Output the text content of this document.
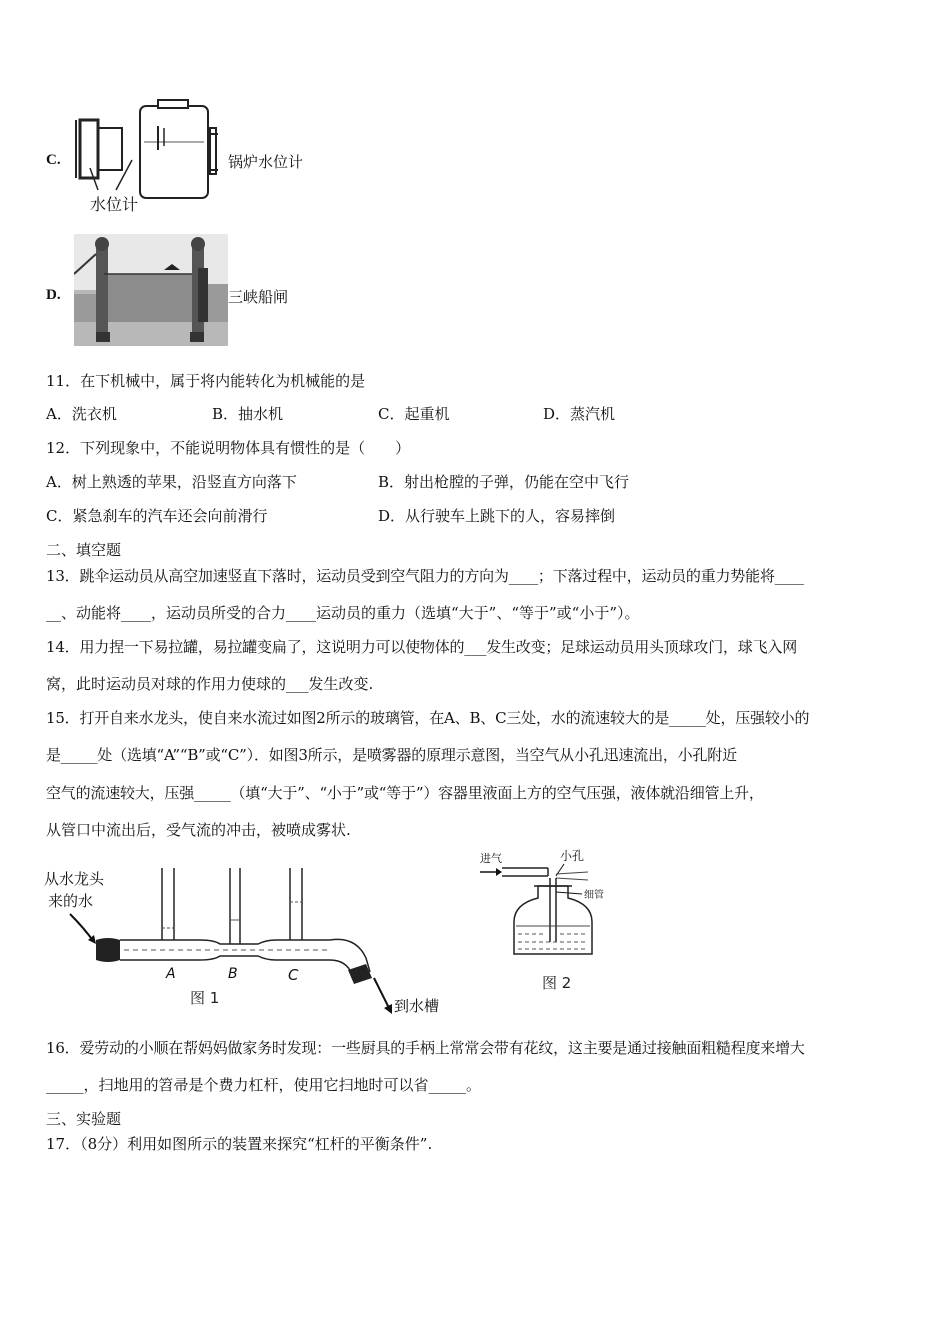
C.
水位计
锅炉水位计
D.	三峡船闸
11．在下机械中，属于将内能转化为机械能的是
A．洗衣机	B．抽水机	C．起重机	D．蒸汽机
12．下列现象中，不能说明物体具有惯性的是（　　）
A．树上熟透的苹果，沿竖直方向落下	B．射出枪膛的子弹，仍能在空中飞行
C．紧急刹车的汽车还会向前滑行	D．从行驶车上跳下的人，容易摔倒
二、填空题
13．跳伞运动员从高空加速竖直下落时，运动员受到空气阻力的方向为____；下落过程中，运动员的重力势能将____
__、动能将____，运动员所受的合力____运动员的重力（选填“大于”、“等于”或“小于”）。
14．用力捏一下易拉罐，易拉罐变扁了，这说明力可以使物体的___发生改变；足球运动员用头顶球攻门，球飞入网
窝，此时运动员对球的作用力使球的___发生改变.
15．打开自来水龙头，使自来水流过如图2所示的玻璃管，在A、B、C三处，水的流速较大的是_____处，压强较小的
是_____处（选填“A”“B”或“C”）．如图3所示，是喷雾器的原理示意图，当空气从小孔迅速流出，小孔附近
空气的流速较大，压强_____（填“大于”、“小于”或“等于”）容器里液面上方的空气压强，液体就沿细管上升，
从管口中流出后，受气流的冲击，被喷成雾状.
从水龙头
来的水
A	B	C
图 1	到水槽
进气	小孔
细管
图 2
16．爱劳动的小顺在帮妈妈做家务时发现：一些厨具的手柄上常常会带有花纹，这主要是通过接触面粗糙程度来增大
_____，扫地用的笤帚是个费力杠杆，使用它扫地时可以省_____。
三、实验题
17．（8分）利用如图所示的装置来探究“杠杆的平衡条件”.
